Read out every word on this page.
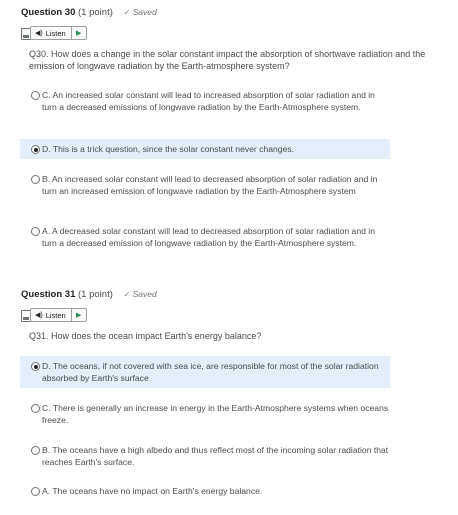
Question 30 (1 point) ✓ Saved
◀) Listen	▶
Q30. How does a change in the solar constant impact the absorption of shortwave radiation and the emission of longwave radiation by the Earth-atmosphere system?
C. An increased solar constant will lead to increased absorption of solar radiation and in turn a decreased emissions of longwave radiation by the Earth-Atmosphere system.
D. This is a trick question, since the solar constant never changes.
B. An increased solar constant will lead to decreased absorption of solar radiation and in turn an increased emission of longwave radiation by the Earth-Atmosphere system
A. A decreased solar constant will lead to decreased absorption of solar radiation and in turn a decreased emission of longwave radiation by the Earth-Atmosphere system.
Question 31 (1 point) ✓ Saved
◀) Listen	▶
Q31. How does the ocean impact Earth's energy balance?
D. The oceans, if not covered with sea ice, are responsible for most of the solar radiation absorbed by Earth's surface
C. There is generally an increase in energy in the Earth-Atmosphere systems when oceans freeze.
B. The oceans have a high albedo and thus reflect most of the incoming solar radiation that reaches Earth's surface.
A. The oceans have no impact on Earth's energy balance.
